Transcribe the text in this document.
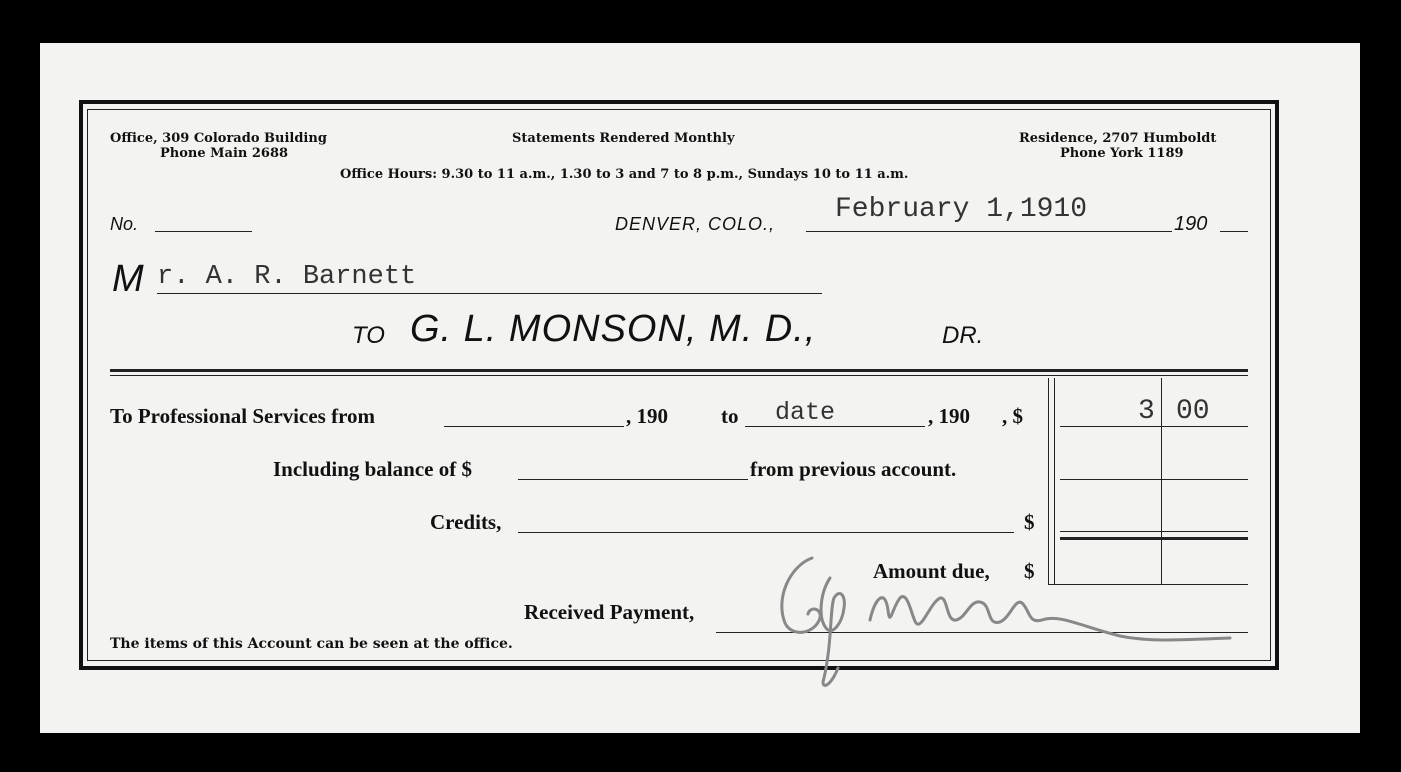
Office, 309 Colorado Building
Phone Main 2688
Statements Rendered Monthly	Residence, 2707 Humboldt
Phone York 1189
Office Hours: 9.30 to 11 a.m., 1.30 to 3 and 7 to 8 p.m., Sundays 10 to 11 a.m.
No.	DENVER, COLO., February 1,1910	190
M r. A. R. Barnett
TO G. L. MONSON, M. D.,	DR.
To Professional Services from	, 190	to date	, 190 , $	3 00
Including balance of $	from previous account.
Credits,	$
Amount due, $
Received Payment,
The items of this Account can be seen at the office.
